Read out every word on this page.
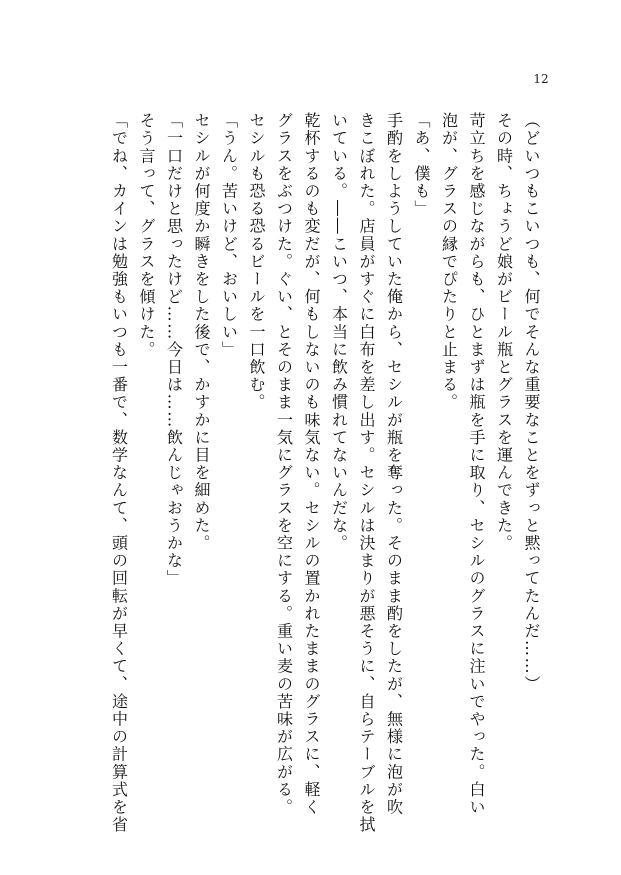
12
（どいつもこいつも、何でそんな重要なことをずっと黙ってたんだ……）
その時、ちょうど娘がビール瓶とグラスを運んできた。
苛立ちを感じながらも、ひとまずは瓶を手に取り、セシルのグラスに注いでやった。白い
泡が、グラスの縁でぴたりと止まる。
「あ、僕も」
手酌をしようしていた俺から、セシルが瓶を奪った。そのまま酌をしたが、無様に泡が吹
きこぼれた。店員がすぐに白布を差し出す。セシルは決まりが悪そうに、自らテーブルを拭
いている。――こいつ、本当に飲み慣れてないんだな。
乾杯するのも変だが、何もしないのも味気ない。セシルの置かれたままのグラスに、軽く
グラスをぶつけた。ぐい、とそのまま一気にグラスを空にする。重い麦の苦味が広がる。
セシルも恐る恐るビールを一口飲む。
「うん。苦いけど、おいしい」
セシルが何度か瞬きをした後で、かすかに目を細めた。
「一口だけと思ったけど……今日は……飲んじゃおうかな」
そう言って、グラスを傾けた。
「でね、カインは勉強もいつも一番で、数学なんて、頭の回転が早くて、途中の計算式を省
